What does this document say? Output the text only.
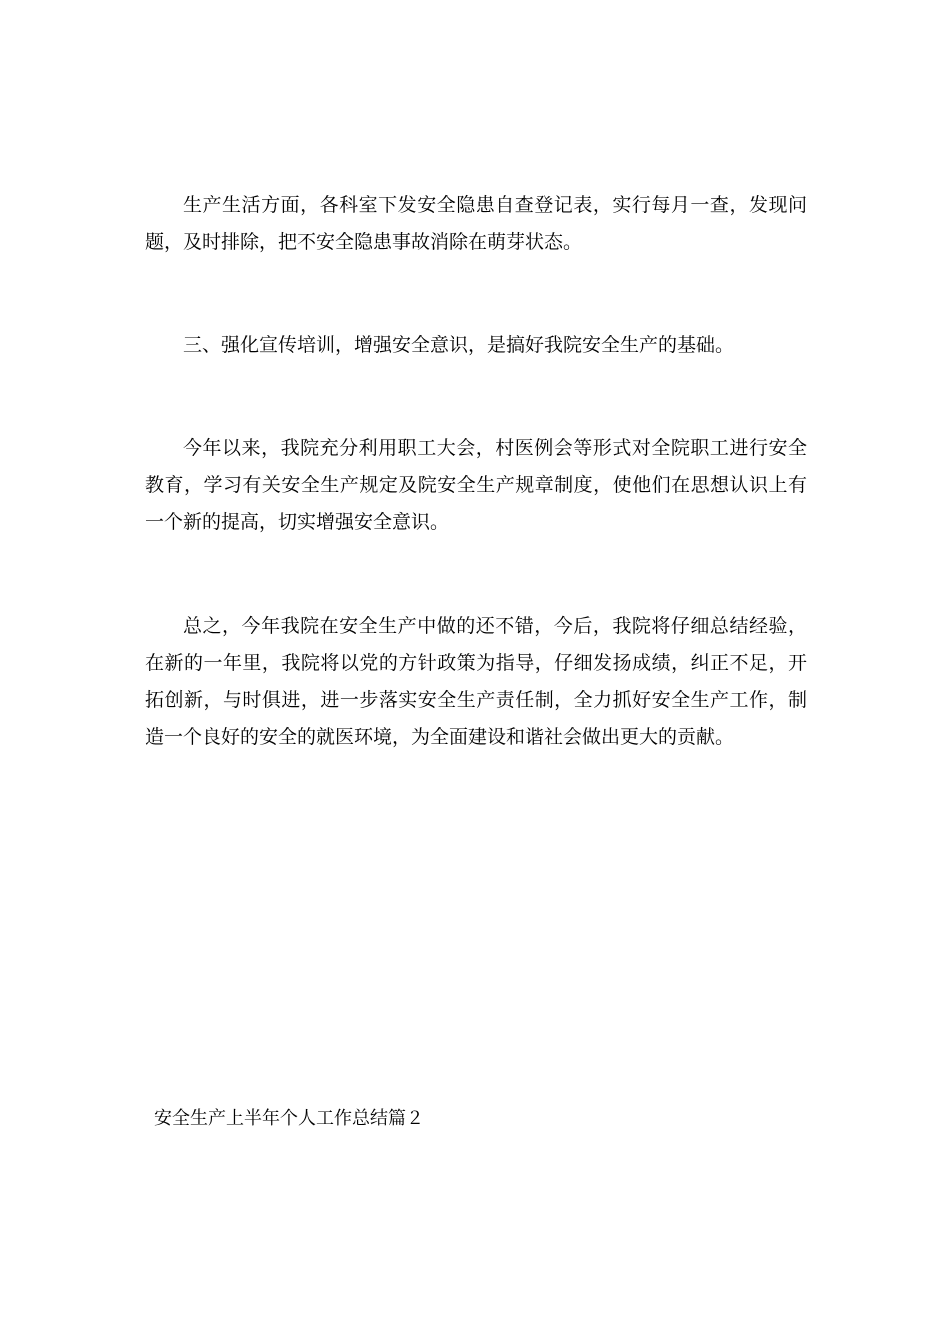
生产生活方面，各科室下发安全隐患自查登记表，实行每月一查，发现问题，及时排除，把不安全隐患事故消除在萌芽状态。

三、强化宣传培训，增强安全意识，是搞好我院安全生产的基础。

今年以来，我院充分利用职工大会，村医例会等形式对全院职工进行安全教育，学习有关安全生产规定及院安全生产规章制度，使他们在思想认识上有一个新的提高，切实增强安全意识。

总之，今年我院在安全生产中做的还不错，今后，我院将仔细总结经验，在新的一年里，我院将以党的方针政策为指导，仔细发扬成绩，纠正不足，开拓创新，与时俱进，进一步落实安全生产责任制，全力抓好安全生产工作，制造一个良好的安全的就医环境，为全面建设和谐社会做出更大的贡献。

安全生产上半年个人工作总结篇２
